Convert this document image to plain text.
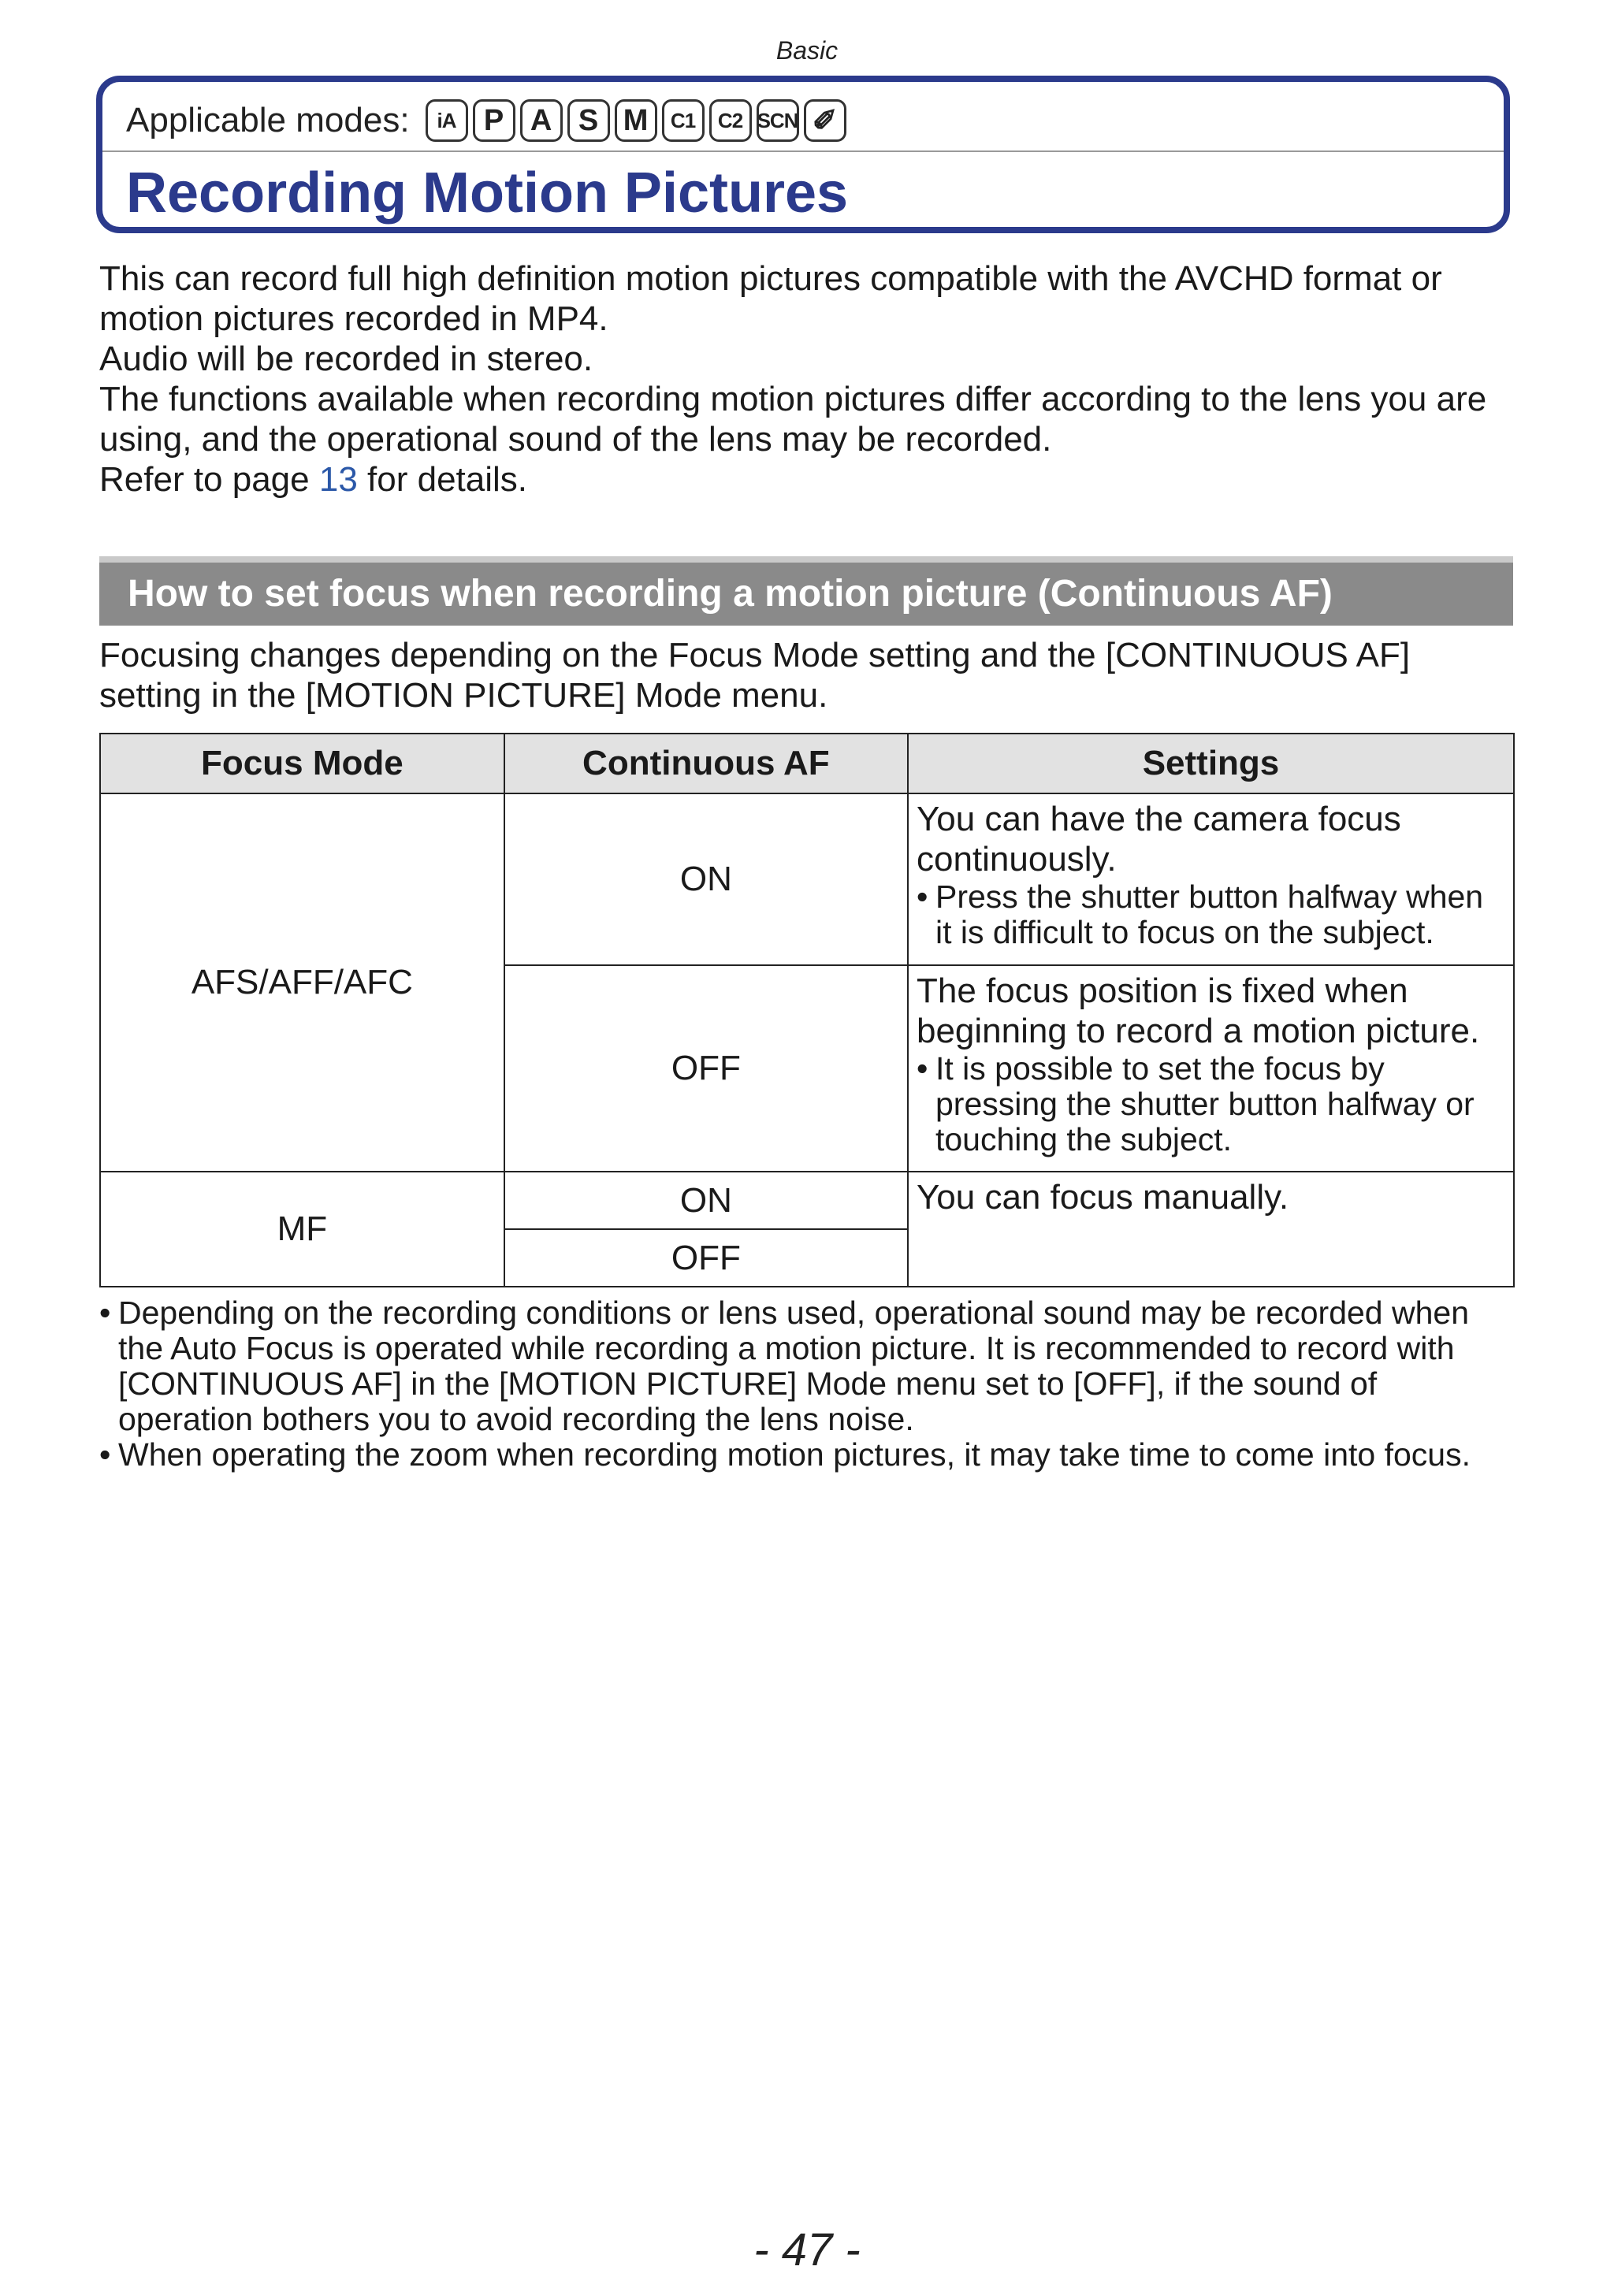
Basic
Applicable modes:	iA P A S M	C1	C2 SCN ✐
Recording Motion Pictures

This can record full high definition motion pictures compatible with the AVCHD format or motion pictures recorded in MP4.

Audio will be recorded in stereo.

The functions available when recording motion pictures differ according to the lens you are using, and the operational sound of the lens may be recorded.

Refer to page 13 for details.

How to set focus when recording a motion picture (Continuous AF)
Focusing changes depending on the Focus Mode setting and the [CONTINUOUS AF] setting in the [MOTION PICTURE] Mode menu.
Focus Mode	Continuous AF	Settings
AFS/AFF/AFC	ON	You can have the camera focus continuously.
• Press the shutter button halfway when it is difficult to focus on the subject.

	OFF	The focus position is fixed when beginning to record a motion picture.
• It is possible to set the focus by pressing the shutter button halfway or touching the subject.

MF	ON	You can focus manually.
	OFF	
• Depending on the recording conditions or lens used, operational sound may be recorded when the Auto Focus is operated while recording a motion picture. It is recommended to record with [CONTINUOUS AF] in the [MOTION PICTURE] Mode menu set to [OFF], if the sound of operation bothers you to avoid recording the lens noise.
• When operating the zoom when recording motion pictures, it may take time to come into focus.
- 47 -
